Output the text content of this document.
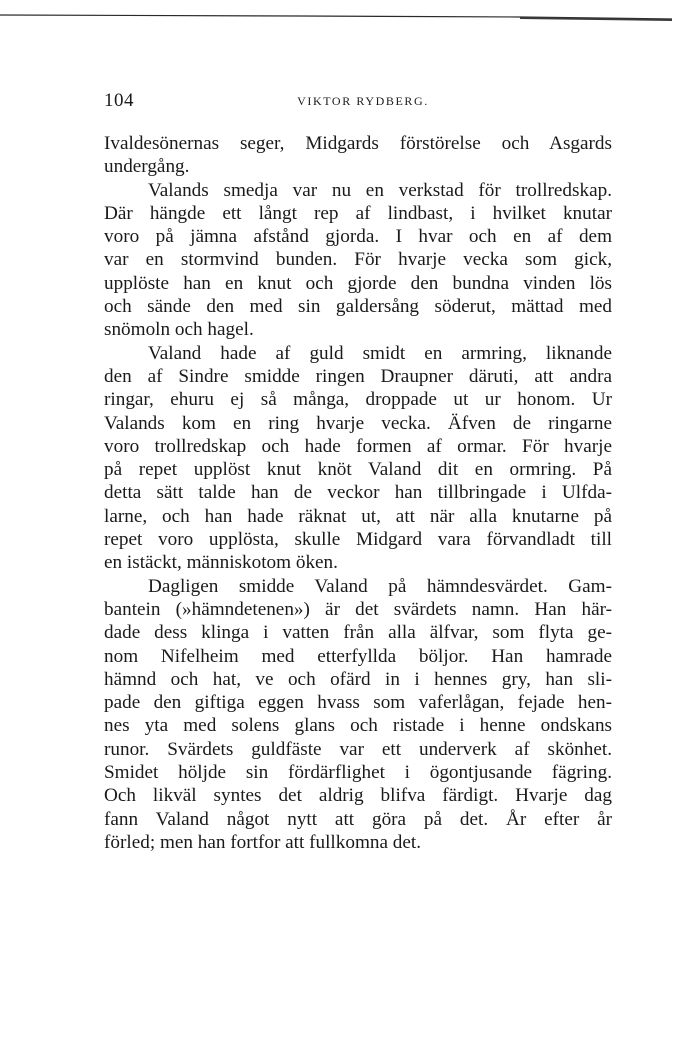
104	VIKTOR RYDBERG.
Ivaldesönernas seger, Midgards förstörelse och Asgards
undergång.
Valands smedja var nu en verkstad för trollredskap.
Där hängde ett långt rep af lindbast, i hvilket knutar
voro på jämna afstånd gjorda. I hvar och en af dem
var en stormvind bunden. För hvarje vecka som gick,
upplöste han en knut och gjorde den bundna vinden lös
och sände den med sin galdersång söderut, mättad med
snömoln och hagel.
Valand hade af guld smidt en armring, liknande
den af Sindre smidde ringen Draupner däruti, att andra
ringar, ehuru ej så många, droppade ut ur honom. Ur
Valands kom en ring hvarje vecka. Äfven de ringarne
voro trollredskap och hade formen af ormar. För hvarje
på repet upplöst knut knöt Valand dit en ormring. På
detta sätt talde han de veckor han tillbringade i Ulfda-
larne, och han hade räknat ut, att när alla knutarne på
repet voro upplösta, skulle Midgard vara förvandladt till
en istäckt, människotom öken.
Dagligen smidde Valand på hämndesvärdet. Gam-
bantein (»hämndetenen») är det svärdets namn. Han här-
dade dess klinga i vatten från alla älfvar, som flyta ge-
nom Nifelheim med etterfyllda böljor. Han hamrade
hämnd och hat, ve och ofärd in i hennes gry, han sli-
pade den giftiga eggen hvass som vaferlågan, fejade hen-
nes yta med solens glans och ristade i henne ondskans
runor. Svärdets guldfäste var ett underverk af skönhet.
Smidet höljde sin fördärflighet i ögontjusande fägring.
Och likväl syntes det aldrig blifva färdigt. Hvarje dag
fann Valand något nytt att göra på det. År efter år
förled; men han fortfor att fullkomna det.
